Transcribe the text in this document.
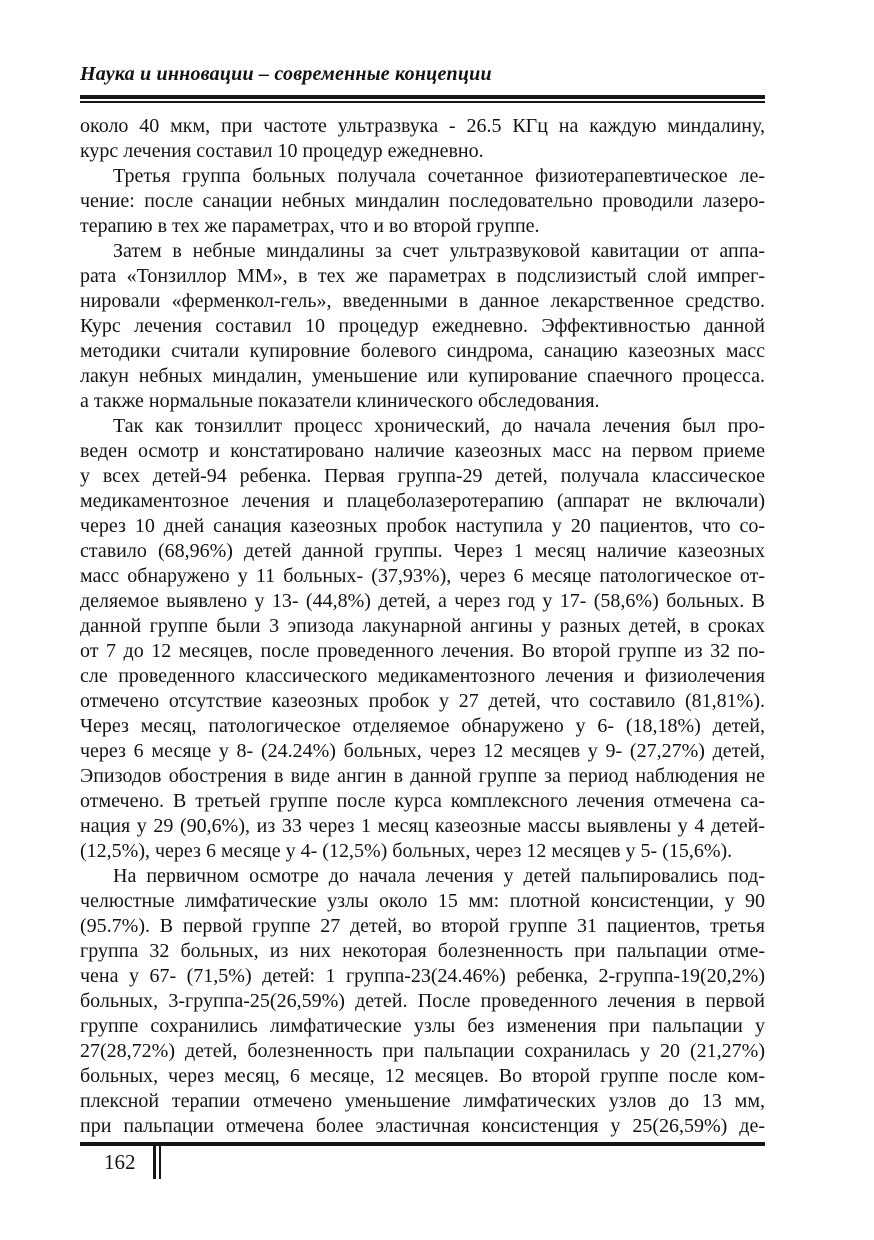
Наука и инновации – современные концепции

около 40 мкм, при частоте ультразвука - 26.5 КГц на каждую миндалину,
курс лечения составил 10 процедур ежедневно.

Третья группа больных получала сочетанное физиотерапевтическое ле-
чение: после санации небных миндалин последовательно проводили лазеро-
терапию в тех же параметрах, что и во второй группе.

Затем в небные миндалины за счет ультразвуковой кавитации от аппа-
рата «Тонзиллор ММ», в тех же параметрах в подслизистый слой импрег-
нировали «ферменкол-гель», введенными в данное лекарственное средство.
Курс лечения составил 10 процедур ежедневно. Эффективностью данной
методики считали купировние болевого синдрома, санацию казеозных масс
лакун небных миндалин, уменьшение или купирование спаечного процесса.
а также нормальные показатели клинического обследования.

Так как тонзиллит процесс хронический, до начала лечения был про-
веден осмотр и констатировано наличие казеозных масс на первом приеме
у всех детей-94 ребенка. Первая группа-29 детей, получала классическое
медикаментозное лечения и плацеболазеротерапию (аппарат не включали)
через 10 дней санация казеозных пробок наступила у 20 пациентов, что со-
ставило (68,96%) детей данной группы. Через 1 месяц наличие казеозных
масс обнаружено у 11 больных- (37,93%), через 6 месяце патологическое от-
деляемое выявлено у 13- (44,8%) детей, а через год у 17- (58,6%) больных. В
данной группе были 3 эпизода лакунарной ангины у разных детей, в сроках
от 7 до 12 месяцев, после проведенного лечения. Во второй группе из 32 по-
сле проведенного классического медикаментозного лечения и физиолечения
отмечено отсутствие казеозных пробок у 27 детей, что составило (81,81%).
Через месяц, патологическое отделяемое обнаружено у 6- (18,18%) детей,
через 6 месяце у 8- (24.24%) больных, через 12 месяцев у 9- (27,27%) детей,
Эпизодов обострения в виде ангин в данной группе за период наблюдения не
отмечено. В третьей группе после курса комплексного лечения отмечена са-
нация у 29 (90,6%), из 33 через 1 месяц казеозные массы выявлены у 4 детей-
(12,5%), через 6 месяце у 4- (12,5%) больных, через 12 месяцев у 5- (15,6%).

На первичном осмотре до начала лечения у детей пальпировались под-
челюстные лимфатические узлы около 15 мм: плотной консистенции, у 90
(95.7%). В первой группе 27 детей, во второй группе 31 пациентов, третья
группа 32 больных, из них некоторая болезненность при пальпации отме-
чена у 67- (71,5%) детей: 1 группа-23(24.46%) ребенка, 2-группа-19(20,2%)
больных, 3-группа-25(26,59%) детей. После проведенного лечения в первой
группе сохранились лимфатические узлы без изменения при пальпации у
27(28,72%) детей, болезненность при пальпации сохранилась у 20 (21,27%)
больных, через месяц, 6 месяце, 12 месяцев. Во второй группе после ком-
плексной терапии отмечено уменьшение лимфатических узлов до 13 мм,
при пальпации отмечена более эластичная консистенция у 25(26,59%) де-

162
